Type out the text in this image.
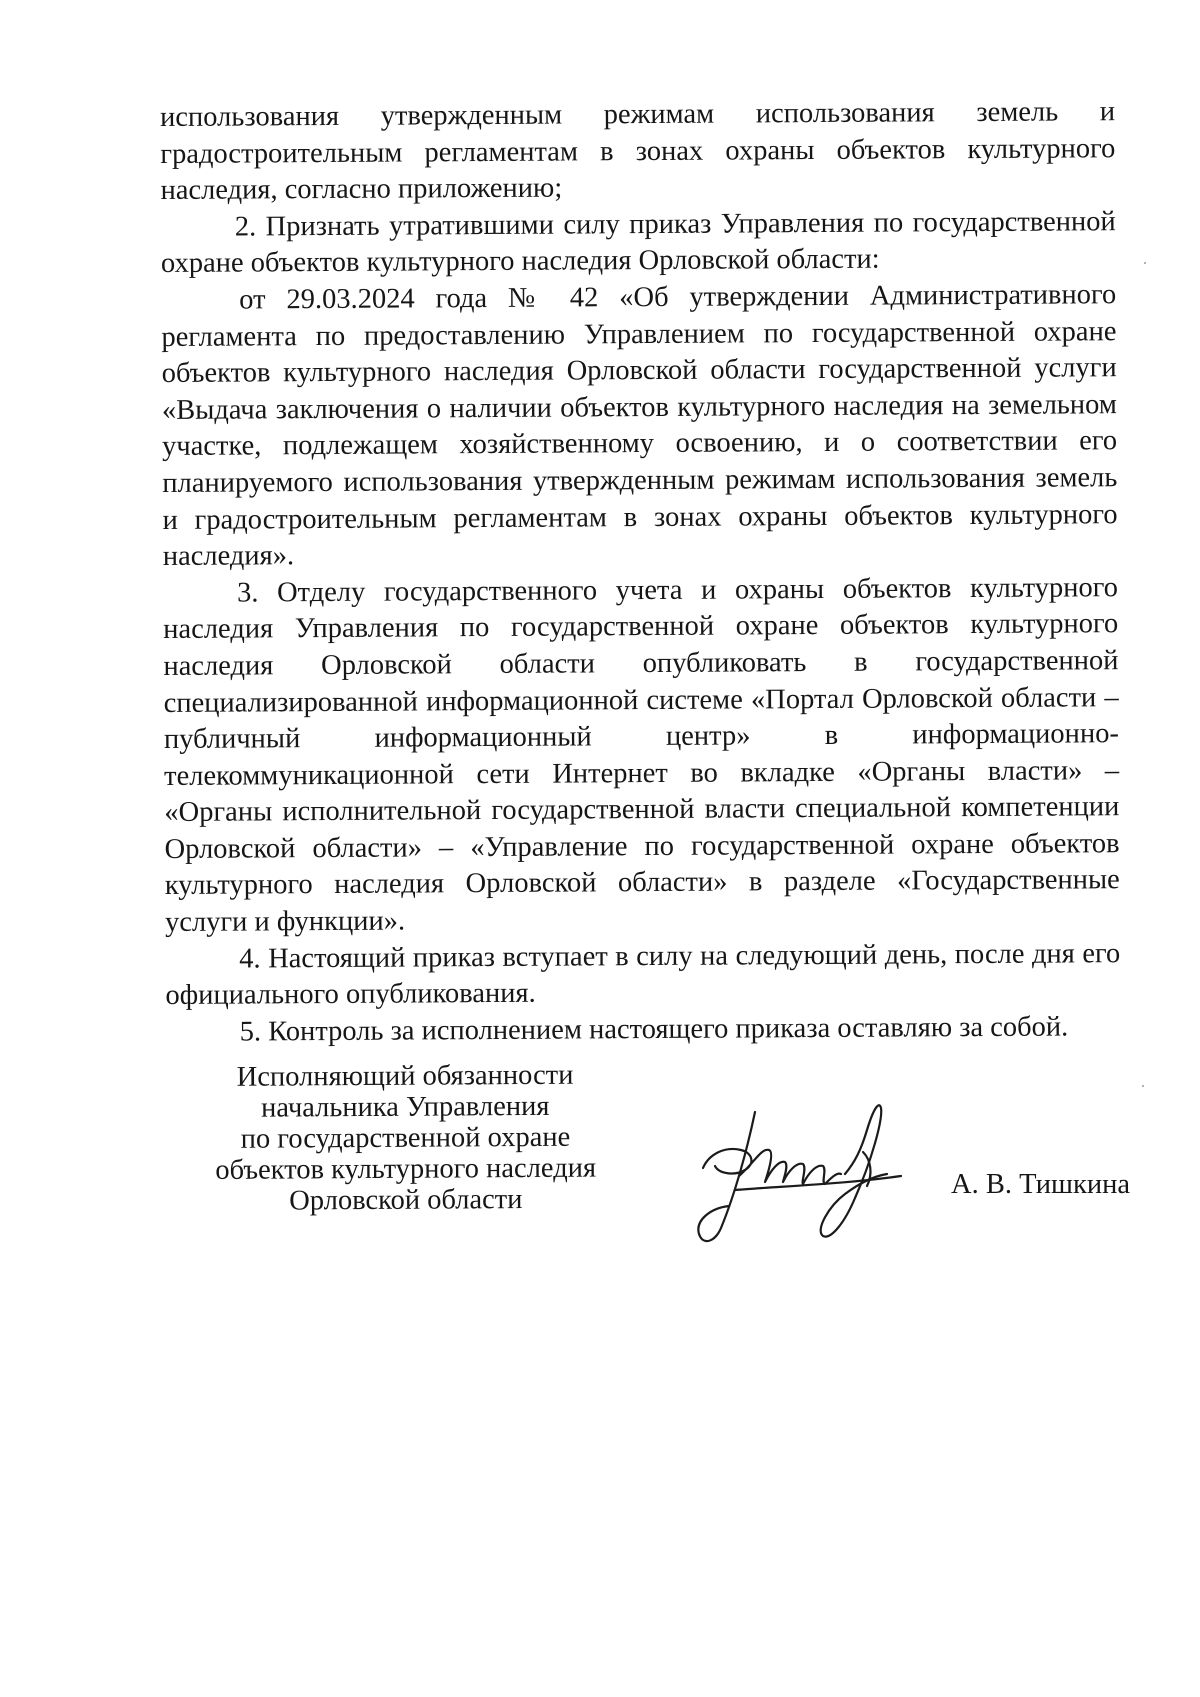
использования утвержденным режимам использования земель и градостроительным регламентам в зонах охраны объектов культурного наследия, согласно приложению;

2. Признать утратившими силу приказ Управления по государственной охране объектов культурного наследия Орловской области:

от 29.03.2024 года № 42 «Об утверждении Административного регламента по предоставлению Управлением по государственной охране объектов культурного наследия Орловской области государственной услуги «Выдача заключения о наличии объектов культурного наследия на земельном участке, подлежащем хозяйственному освоению, и о соответствии его планируемого использования утвержденным режимам использования земель и градостроительным регламентам в зонах охраны объектов культурного наследия».

3. Отделу государственного учета и охраны объектов культурного наследия Управления по государственной охране объектов культурного наследия Орловской области опубликовать в государственной специализированной информационной системе «Портал Орловской области – публичный информационный центр» в информационно-телекоммуникационной сети Интернет во вкладке «Органы власти» – «Органы исполнительной государственной власти специальной компетенции Орловской области» – «Управление по государственной охране объектов культурного наследия Орловской области» в разделе «Государственные услуги и функции».

4. Настоящий приказ вступает в силу на следующий день, после дня его официального опубликования.

5. Контроль за исполнением настоящего приказа оставляю за собой.

Исполняющий обязанности
начальника Управления
по государственной охране
объектов культурного наследия
Орловской области	А. В. Тишкина
